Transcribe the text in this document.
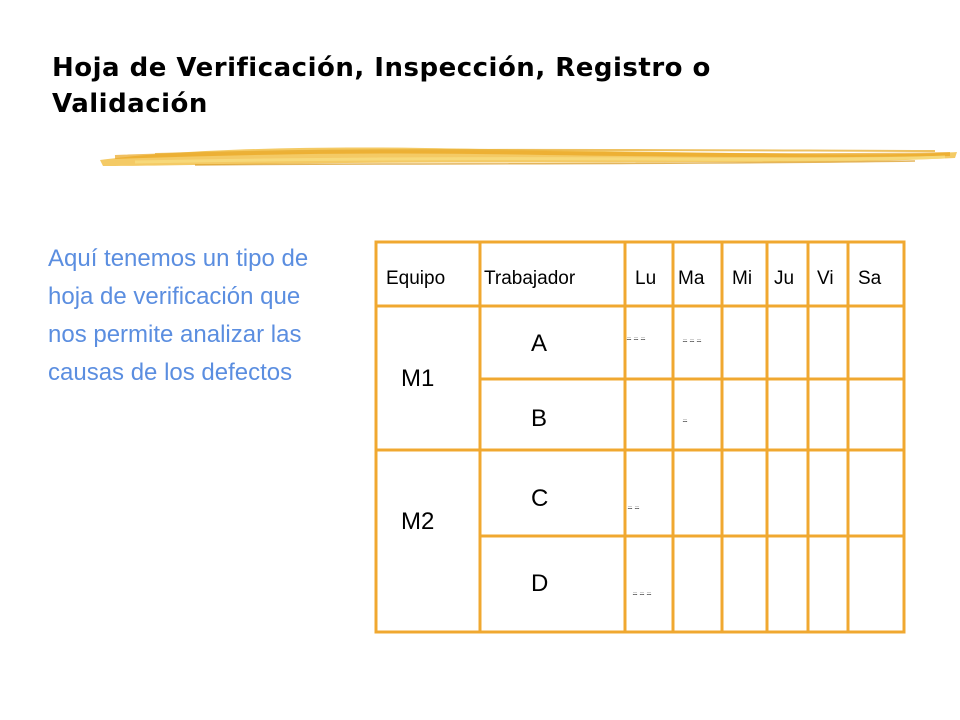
Hoja de Verificación, Inspección, Registro o Validación
Aquí tenemos un tipo de hoja de verificación que nos permite analizar las causas de los defectos
Equipo Trabajador	Lu Ma Mi Ju Vi Sa
M1
M2
A
B
C
D
⍨⍨⍨	⍨⍨⍨
⍨
⍨⍨
⍨⍨⍨
